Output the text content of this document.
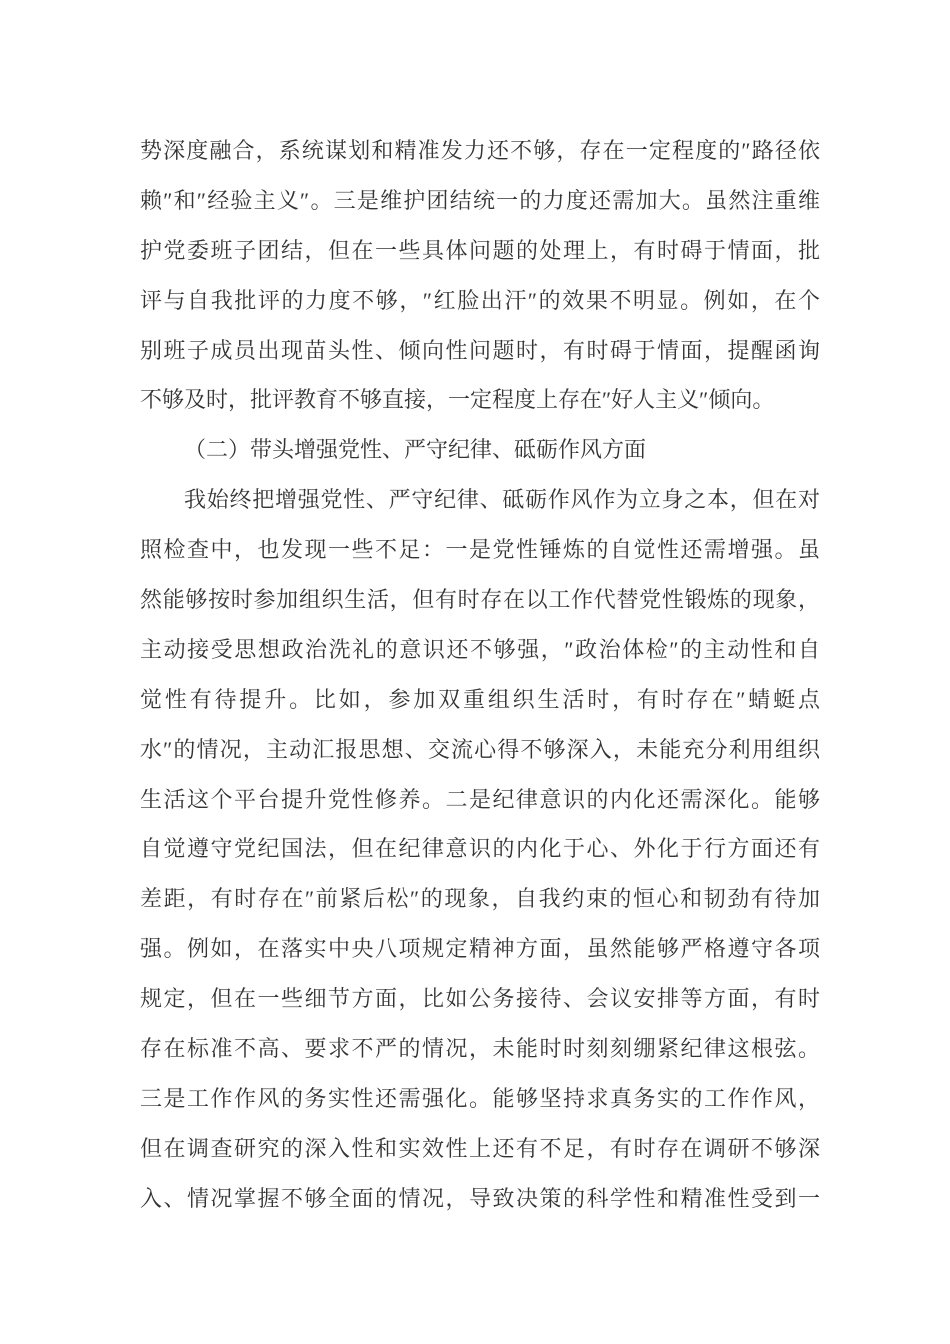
势深度融合，系统谋划和精准发力还不够，存在一定程度的″路径依
赖″和″经验主义″。三是维护团结统一的力度还需加大。虽然注重维
护党委班子团结，但在一些具体问题的处理上，有时碍于情面，批
评与自我批评的力度不够，″红脸出汗″的效果不明显。例如，在个
别班子成员出现苗头性、倾向性问题时，有时碍于情面，提醒函询
不够及时，批评教育不够直接，一定程度上存在″好人主义″倾向。
（二）带头增强党性、严守纪律、砥砺作风方面
我始终把增强党性、严守纪律、砥砺作风作为立身之本，但在对
照检查中，也发现一些不足：一是党性锤炼的自觉性还需增强。虽
然能够按时参加组织生活，但有时存在以工作代替党性锻炼的现象，
主动接受思想政治洗礼的意识还不够强，″政治体检″的主动性和自
觉性有待提升。比如，参加双重组织生活时，有时存在″蜻蜓点
水″的情况，主动汇报思想、交流心得不够深入，未能充分利用组织
生活这个平台提升党性修养。二是纪律意识的内化还需深化。能够
自觉遵守党纪国法，但在纪律意识的内化于心、外化于行方面还有
差距，有时存在″前紧后松″的现象，自我约束的恒心和韧劲有待加
强。例如，在落实中央八项规定精神方面，虽然能够严格遵守各项
规定，但在一些细节方面，比如公务接待、会议安排等方面，有时
存在标准不高、要求不严的情况，未能时时刻刻绷紧纪律这根弦。
三是工作作风的务实性还需强化。能够坚持求真务实的工作作风，
但在调查研究的深入性和实效性上还有不足，有时存在调研不够深
入、情况掌握不够全面的情况，导致决策的科学性和精准性受到一
